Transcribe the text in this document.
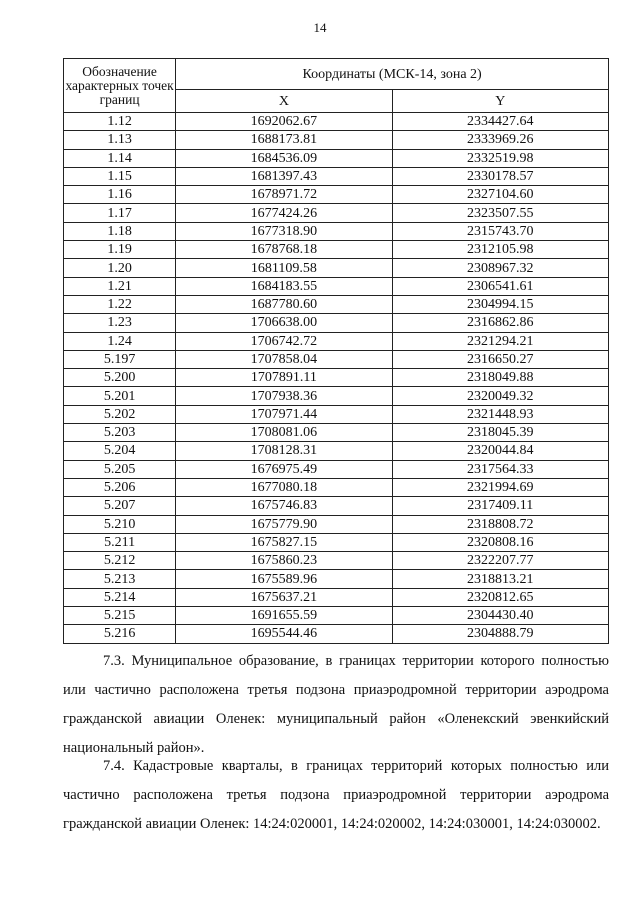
14
Обозначение характерных точек границ	Координаты (МСК-14, зона 2)	
	X	Y
1.12	1692062.67	2334427.64
1.13	1688173.81	2333969.26
1.14	1684536.09	2332519.98
1.15	1681397.43	2330178.57
1.16	1678971.72	2327104.60
1.17	1677424.26	2323507.55
1.18	1677318.90	2315743.70
1.19	1678768.18	2312105.98
1.20	1681109.58	2308967.32
1.21	1684183.55	2306541.61
1.22	1687780.60	2304994.15
1.23	1706638.00	2316862.86
1.24	1706742.72	2321294.21
5.197	1707858.04	2316650.27
5.200	1707891.11	2318049.88
5.201	1707938.36	2320049.32
5.202	1707971.44	2321448.93
5.203	1708081.06	2318045.39
5.204	1708128.31	2320044.84
5.205	1676975.49	2317564.33
5.206	1677080.18	2321994.69
5.207	1675746.83	2317409.11
5.210	1675779.90	2318808.72
5.211	1675827.15	2320808.16
5.212	1675860.23	2322207.77
5.213	1675589.96	2318813.21
5.214	1675637.21	2320812.65
5.215	1691655.59	2304430.40
5.216	1695544.46	2304888.79
7.3. Муниципальное образование, в границах территории которого полностью или частично расположена третья подзона приаэродромной территории аэродрома гражданской авиации Оленек: муниципальный район «Оленекский эвенкийский национальный район».
7.4. Кадастровые кварталы, в границах территорий которых полностью или частично расположена третья подзона приаэродромной территории аэродрома гражданской авиации Оленек: 14:24:020001, 14:24:020002, 14:24:030001, 14:24:030002.
